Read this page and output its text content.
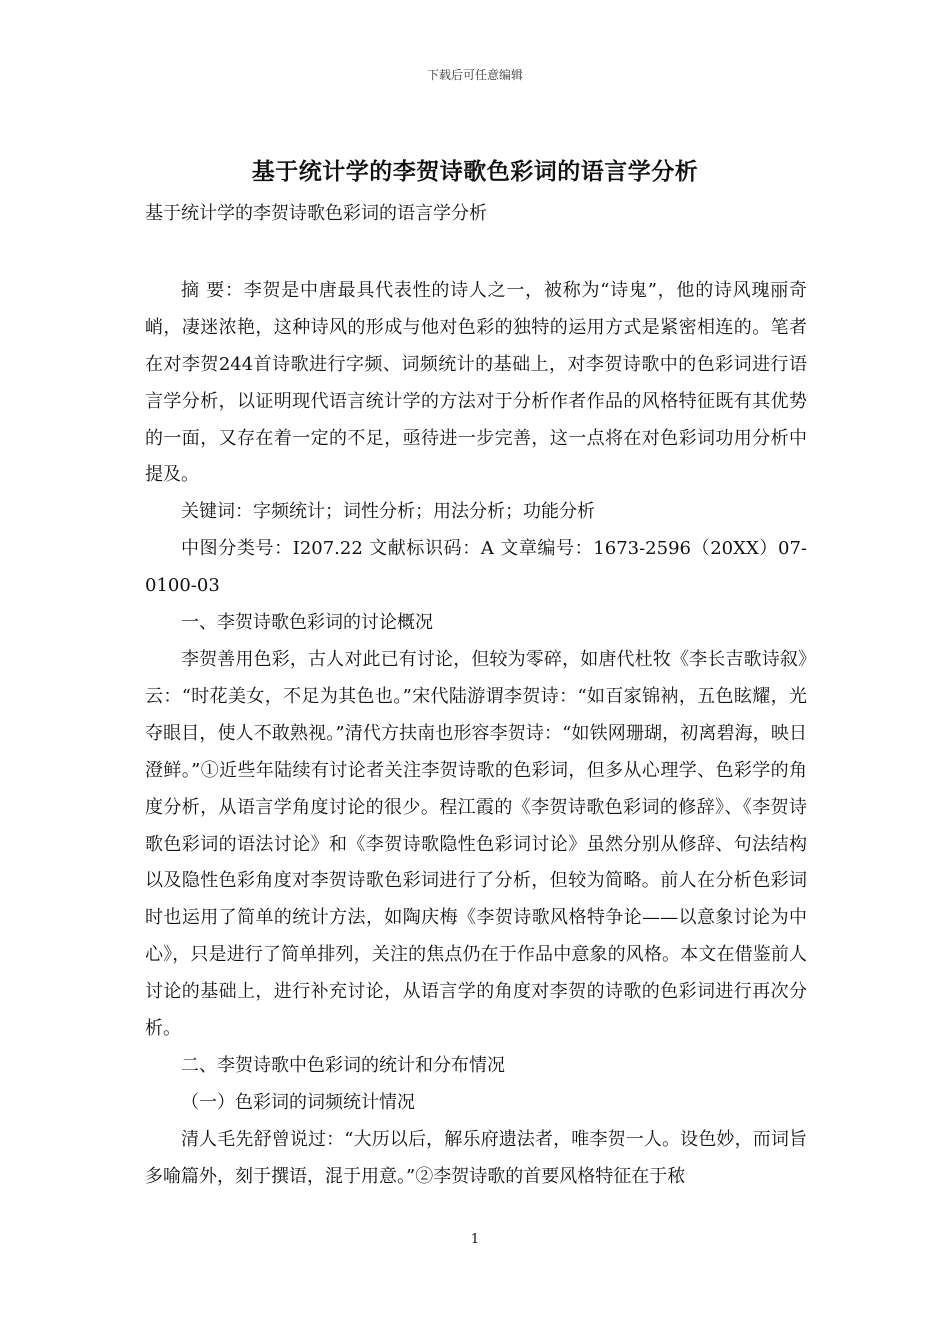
下载后可任意编辑
基于统计学的李贺诗歌色彩词的语言学分析

基于统计学的李贺诗歌色彩词的语言学分析

摘 要：李贺是中唐最具代表性的诗人之一，被称为“诗鬼”，他的诗风瑰丽奇峭，凄迷浓艳，这种诗风的形成与他对色彩的独特的运用方式是紧密相连的。笔者在对李贺244首诗歌进行字频、词频统计的基础上，对李贺诗歌中的色彩词进行语言学分析，以证明现代语言统计学的方法对于分析作者作品的风格特征既有其优势的一面，又存在着一定的不足，亟待进一步完善，这一点将在对色彩词功用分析中提及。

关键词：字频统计；词性分析；用法分析；功能分析

中图分类号：I207.22 文献标识码：A 文章编号：1673-2596（20XX）07-0100-03

一、李贺诗歌色彩词的讨论概况

李贺善用色彩，古人对此已有讨论，但较为零碎，如唐代杜牧《李长吉歌诗叙》云：“时花美女，不足为其色也。”宋代陆游谓李贺诗：“如百家锦衲，五色眩耀，光夺眼目，使人不敢熟视。”清代方扶南也形容李贺诗：“如铁网珊瑚，初离碧海，映日澄鲜。”①近些年陆续有讨论者关注李贺诗歌的色彩词，但多从心理学、色彩学的角度分析，从语言学角度讨论的很少。程江霞的《李贺诗歌色彩词的修辞》、《李贺诗歌色彩词的语法讨论》和《李贺诗歌隐性色彩词讨论》虽然分别从修辞、句法结构以及隐性色彩角度对李贺诗歌色彩词进行了分析，但较为简略。前人在分析色彩词时也运用了简单的统计方法，如陶庆梅《李贺诗歌风格特争论——以意象讨论为中心》，只是进行了简单排列，关注的焦点仍在于作品中意象的风格。本文在借鉴前人讨论的基础上，进行补充讨论，从语言学的角度对李贺的诗歌的色彩词进行再次分析。

二、李贺诗歌中色彩词的统计和分布情况

（一）色彩词的词频统计情况

清人毛先舒曾说过：“大历以后，解乐府遗法者，唯李贺一人。设色妙，而词旨多喻篇外，刻于撰语，混于用意。”②李贺诗歌的首要风格特征在于秾

1
